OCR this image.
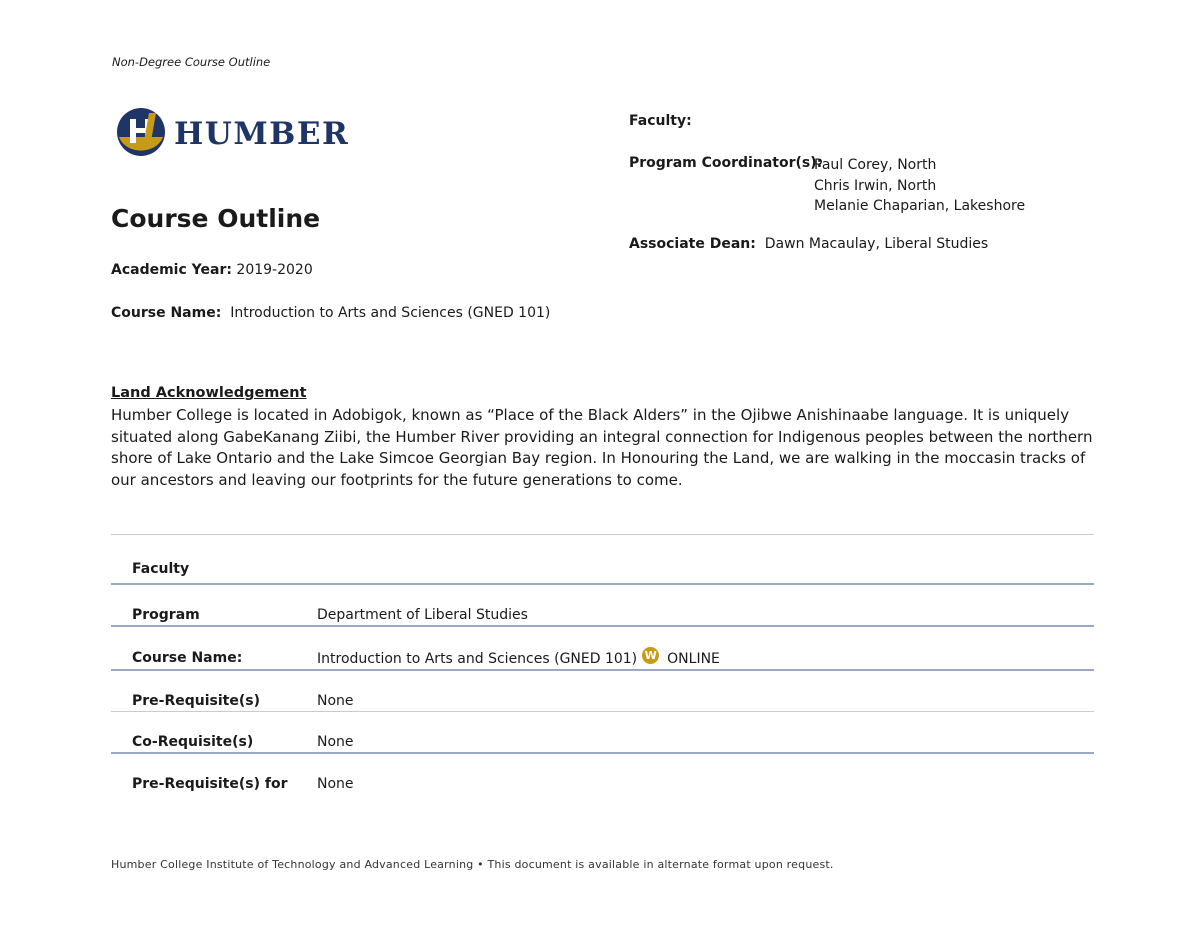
Non-Degree Course Outline
HUMBER
Course Outline
Academic Year: 2019-2020
Course Name: Introduction to Arts and Sciences (GNED 101)
Faculty:
Program Coordinator(s):
Paul Corey, North
Chris Irwin, North
Melanie Chaparian, Lakeshore
Associate Dean: Dawn Macaulay, Liberal Studies
Land Acknowledgement
Humber College is located in Adobigok, known as “Place of the Black Alders” in the Ojibwe Anishinaabe language. It is uniquely situated along GabeKanang Ziibi, the Humber River providing an integral connection for Indigenous peoples between the northern shore of Lake Ontario and the Lake Simcoe Georgian Bay region. In Honouring the Land, we are walking in the moccasin tracks of our ancestors and leaving our footprints for the future generations to come.
Faculty
Program	Department of Liberal Studies
Course Name:	Introduction to Arts and Sciences (GNED 101) W ONLINE
Pre-Requisite(s)	None
Co-Requisite(s)	None
Pre-Requisite(s) for None
Humber College Institute of Technology and Advanced Learning • This document is available in alternate format upon request.
